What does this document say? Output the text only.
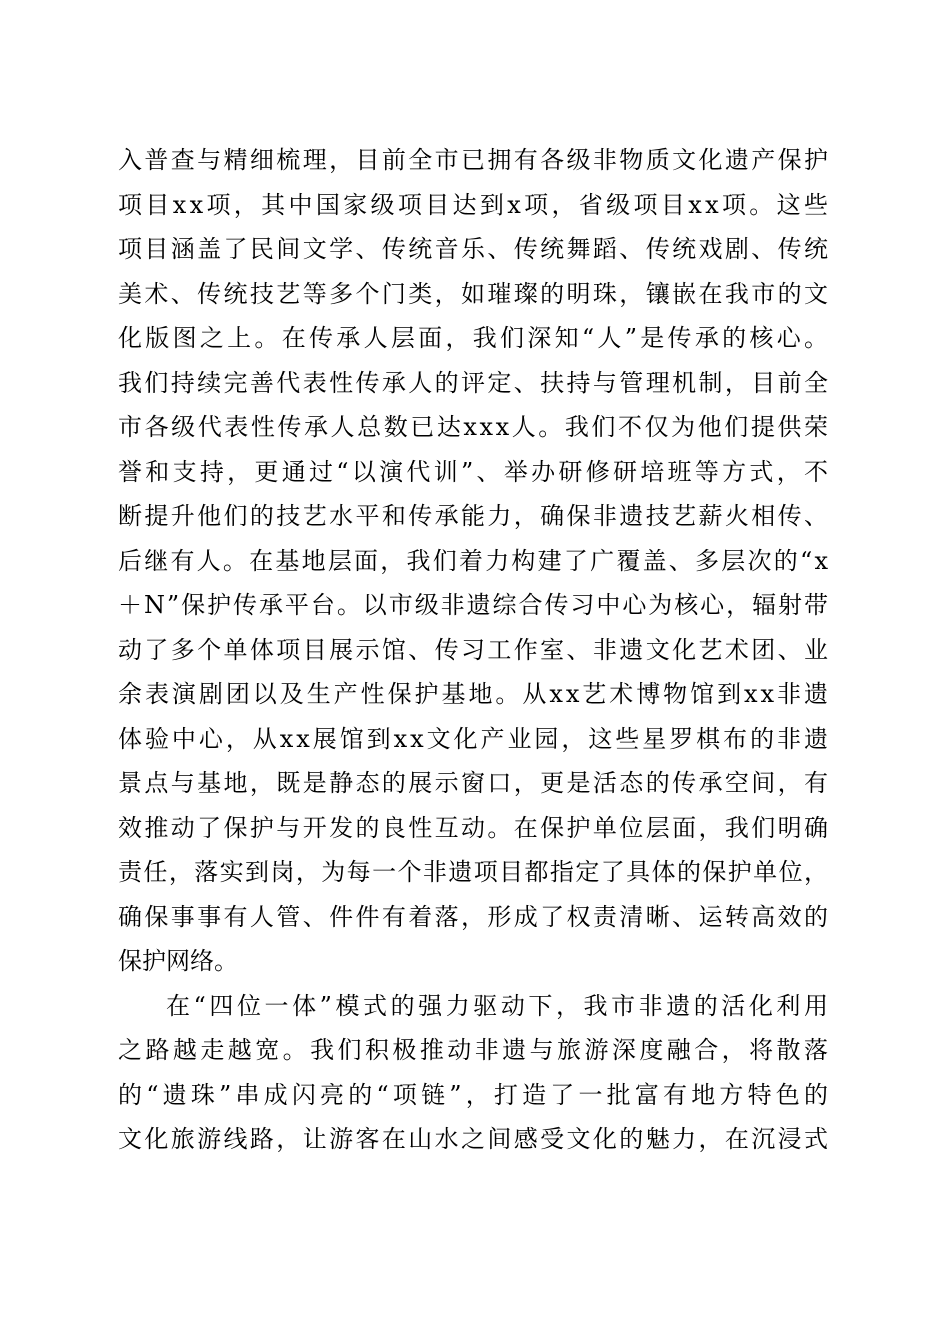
入普查与精细梳理，目前全市已拥有各级非物质文化遗产保护
项目xx项，其中国家级项目达到x项，省级项目xx项。这些
项目涵盖了民间文学、传统音乐、传统舞蹈、传统戏剧、传统
美术、传统技艺等多个门类，如璀璨的明珠，镶嵌在我市的文
化版图之上。在传承人层面，我们深知“人”是传承的核心。
我们持续完善代表性传承人的评定、扶持与管理机制，目前全
市各级代表性传承人总数已达xxx人。我们不仅为他们提供荣
誉和支持，更通过“以演代训”、举办研修研培班等方式，不
断提升他们的技艺水平和传承能力，确保非遗技艺薪火相传、
后继有人。在基地层面，我们着力构建了广覆盖、多层次的“x
＋N”保护传承平台。以市级非遗综合传习中心为核心，辐射带
动了多个单体项目展示馆、传习工作室、非遗文化艺术团、业
余表演剧团以及生产性保护基地。从xx艺术博物馆到xx非遗
体验中心，从xx展馆到xx文化产业园，这些星罗棋布的非遗
景点与基地，既是静态的展示窗口，更是活态的传承空间，有
效推动了保护与开发的良性互动。在保护单位层面，我们明确
责任，落实到岗，为每一个非遗项目都指定了具体的保护单位，
确保事事有人管、件件有着落，形成了权责清晰、运转高效的
保护网络。

在“四位一体”模式的强力驱动下，我市非遗的活化利用
之路越走越宽。我们积极推动非遗与旅游深度融合，将散落
的“遗珠”串成闪亮的“项链”，打造了一批富有地方特色的
文化旅游线路，让游客在山水之间感受文化的魅力，在沉浸式
